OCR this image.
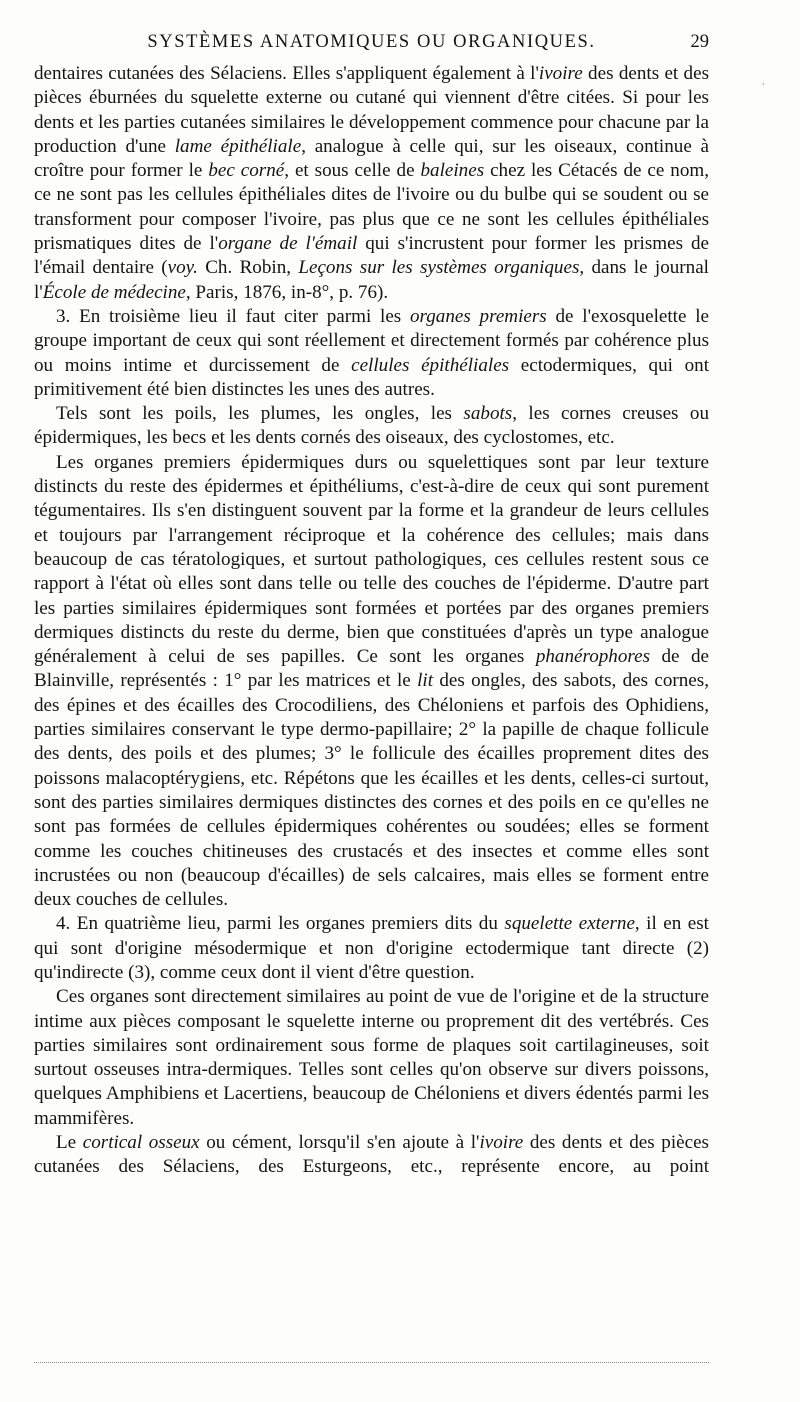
SYSTÈMES ANATOMIQUES OU ORGANIQUES.	29

dentaires cutanées des Sélaciens. Elles s'appliquent également à l'ivoire des dents et des pièces éburnées du squelette externe ou cutané qui viennent d'être citées. Si pour les dents et les parties cutanées similaires le développement commence pour chacune par la production d'une lame épithéliale, analogue à celle qui, sur les oiseaux, continue à croître pour former le bec corné, et sous celle de baleines chez les Cétacés de ce nom, ce ne sont pas les cellules épithéliales dites de l'ivoire ou du bulbe qui se soudent ou se transforment pour composer l'ivoire, pas plus que ce ne sont les cellules épithéliales prismatiques dites de l'organe de l'émail qui s'incrustent pour former les prismes de l'émail dentaire (voy. Ch. Robin, Leçons sur les systèmes organiques, dans le journal l'École de médecine, Paris, 1876, in-8°, p. 76).

3. En troisième lieu il faut citer parmi les organes premiers de l'exosquelette le groupe important de ceux qui sont réellement et directement formés par cohérence plus ou moins intime et durcissement de cellules épithéliales ectodermiques, qui ont primitivement été bien distinctes les unes des autres.

Tels sont les poils, les plumes, les ongles, les sabots, les cornes creuses ou épidermiques, les becs et les dents cornés des oiseaux, des cyclostomes, etc.

Les organes premiers épidermiques durs ou squelettiques sont par leur texture distincts du reste des épidermes et épithéliums, c'est-à-dire de ceux qui sont purement tégumentaires. Ils s'en distinguent souvent par la forme et la grandeur de leurs cellules et toujours par l'arrangement réciproque et la cohérence des cellules; mais dans beaucoup de cas tératologiques, et surtout pathologiques, ces cellules restent sous ce rapport à l'état où elles sont dans telle ou telle des couches de l'épiderme. D'autre part les parties similaires épidermiques sont formées et portées par des organes premiers dermiques distincts du reste du derme, bien que constituées d'après un type analogue généralement à celui de ses papilles. Ce sont les organes phanérophores de de Blainville, représentés : 1° par les matrices et le lit des ongles, des sabots, des cornes, des épines et des écailles des Crocodiliens, des Chéloniens et parfois des Ophidiens, parties similaires conservant le type dermo-papillaire; 2° la papille de chaque follicule des dents, des poils et des plumes; 3° le follicule des écailles proprement dites des poissons malacoptérygiens, etc. Répétons que les écailles et les dents, celles-ci surtout, sont des parties similaires dermiques distinctes des cornes et des poils en ce qu'elles ne sont pas formées de cellules épidermiques cohérentes ou soudées; elles se forment comme les couches chitineuses des crustacés et des insectes et comme elles sont incrustées ou non (beaucoup d'écailles) de sels calcaires, mais elles se forment entre deux couches de cellules.

4. En quatrième lieu, parmi les organes premiers dits du squelette externe, il en est qui sont d'origine mésodermique et non d'origine ectodermique tant directe (2) qu'indirecte (3), comme ceux dont il vient d'être question.

Ces organes sont directement similaires au point de vue de l'origine et de la structure intime aux pièces composant le squelette interne ou proprement dit des vertébrés. Ces parties similaires sont ordinairement sous forme de plaques soit cartilagineuses, soit surtout osseuses intra-dermiques. Telles sont celles qu'on observe sur divers poissons, quelques Amphibiens et Lacertiens, beaucoup de Chéloniens et divers édentés parmi les mammifères.

Le cortical osseux ou cément, lorsqu'il s'en ajoute à l'ivoire des dents et des pièces cutanées des Sélaciens, des Esturgeons, etc., représente encore, au point

,
